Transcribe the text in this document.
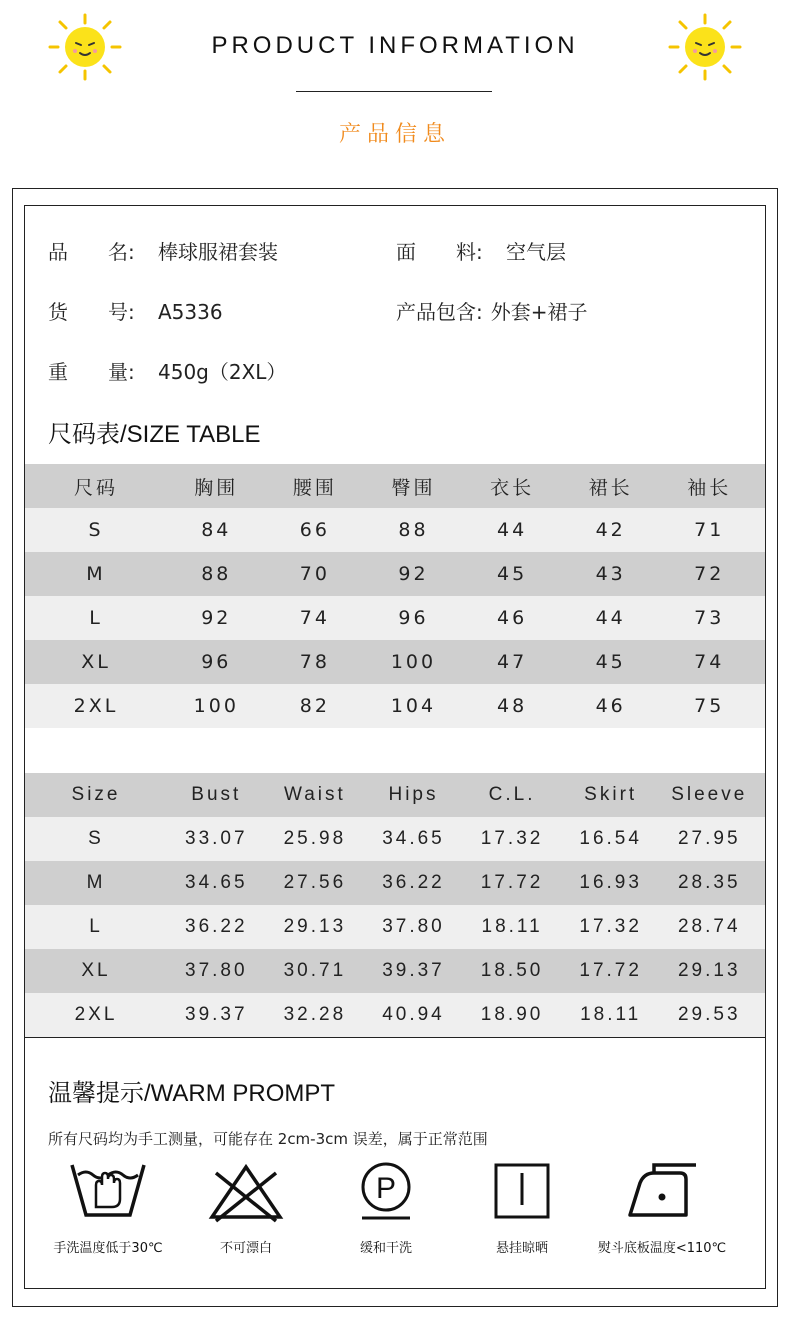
PRODUCT INFORMATION
产品信息
品　　名: 棒球服裙套装	面　　料: 空气层
货　　号: A5336	产品包含: 外套+裙子
重　　量: 450g（2XL）
尺码表/SIZE TABLE
尺码	胸围	腰围	臀围	衣长	裙长	袖长
S	84	66	88	44	42	71
M	88	70	92	45	43	72
L	92	74	96	46	44	73
XL	96	78	100	47	45	74
2XL	100	82	104	48	46	75
Size	Bust	Waist	Hips	C.L.	Skirt	Sleeve
S	33.07	25.98	34.65	17.32	16.54	27.95
M	34.65	27.56	36.22	17.72	16.93	28.35
L	36.22	29.13	37.80	18.11	17.32	28.74
XL	37.80	30.71	39.37	18.50	17.72	29.13
2XL	39.37	32.28	40.94	18.90	18.11	29.53
温馨提示/WARM PROMPT
所有尺码均为手工测量，可能存在 2cm-3cm 误差，属于正常范围
手洗温度低于30℃	不可漂白
P
缓和干洗	悬挂晾晒	熨斗底板温度<110℃
